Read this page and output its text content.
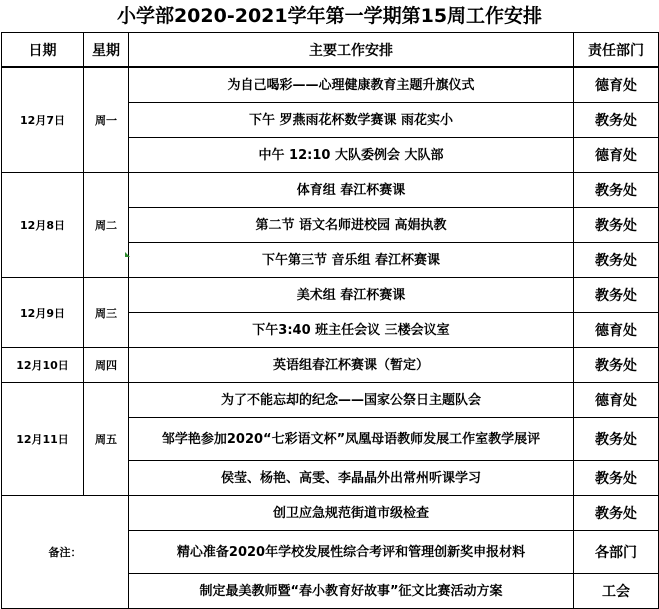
小学部2020-2021学年第一学期第15周工作安排
日期	星期	主要工作安排	责任部门
12月7日	周一	为自己喝彩——心理健康教育主题升旗仪式	德育处
		下午 罗燕雨花杯数学赛课 雨花实小	教务处
		中午 12:10 大队委例会 大队部	德育处
12月8日	周二	体育组 春江杯赛课	教务处
		第二节 语文名师进校园 高娟执教	教务处
		下午第三节 音乐组 春江杯赛课	教务处
12月9日	周三	美术组 春江杯赛课	教务处
		下午3:40 班主任会议 三楼会议室	德育处
12月10日	周四	英语组春江杯赛课（暂定）	教务处
12月11日	周五	为了不能忘却的纪念——国家公祭日主题队会	德育处
		邹学艳参加2020“七彩语文杯”凤凰母语教师发展工作室教学展评	教务处
		侯莹、杨艳、高雯、李晶晶外出常州听课学习	教务处
备注：		创卫应急规范街道市级检查	教务处
		精心准备2020年学校发展性综合考评和管理创新奖申报材料	各部门
		制定最美教师暨“春小教育好故事”征文比赛活动方案	工会
